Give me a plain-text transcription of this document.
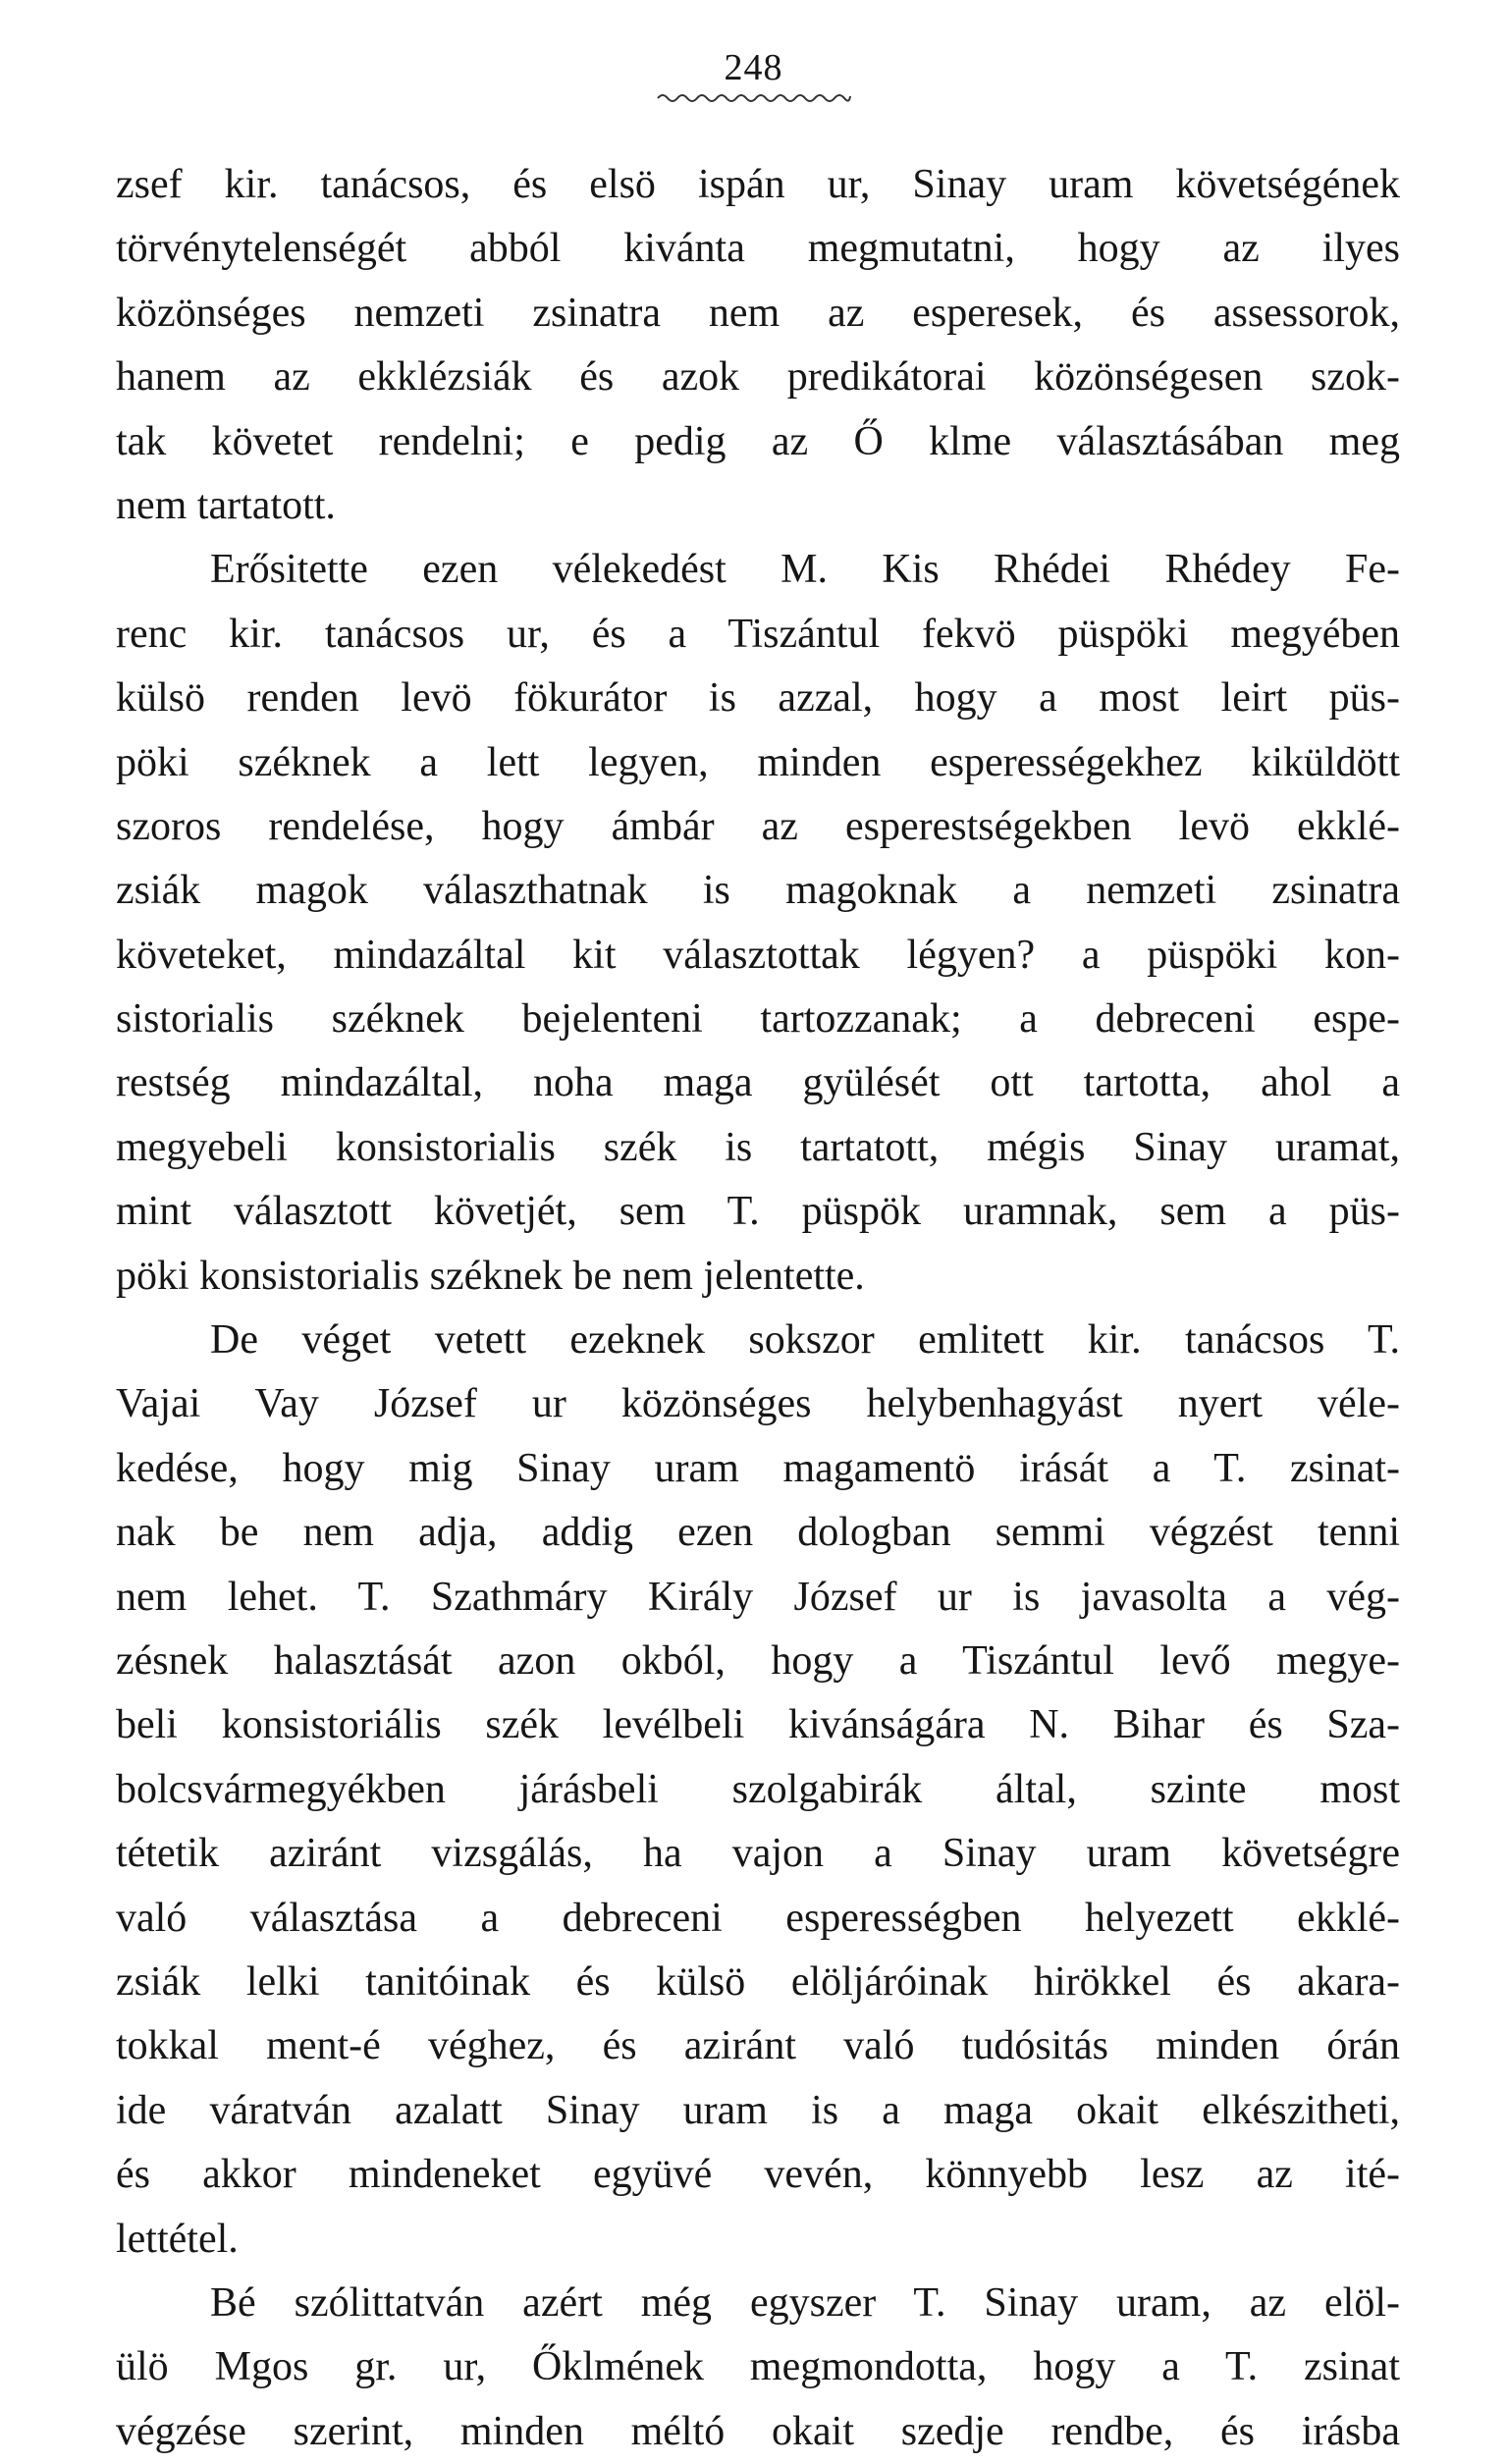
248
zsef kir. tanácsos, és elsö ispán ur, Sinay uram követségének
törvénytelenségét abból kivánta megmutatni, hogy az ilyes
közönséges nemzeti zsinatra nem az esperesek, és assessorok,
hanem az ekklézsiák és azok predikátorai közönségesen szok-
tak követet rendelni; e pedig az Ő klme választásában meg
nem tartatott.
Erősitette ezen vélekedést M. Kis Rhédei Rhédey Fe-
renc kir. tanácsos ur, és a Tiszántul fekvö püspöki megyében
külsö renden levö fökurátor is azzal, hogy a most leirt püs-
pöki széknek a lett legyen, minden esperességekhez kiküldött
szoros rendelése, hogy ámbár az esperestségekben levö ekklé-
zsiák magok választhatnak is magoknak a nemzeti zsinatra
követeket, mindazáltal kit választottak légyen? a püspöki kon-
sistorialis széknek bejelenteni tartozzanak; a debreceni espe-
restség mindazáltal, noha maga gyülését ott tartotta, ahol a
megyebeli konsistorialis szék is tartatott, mégis Sinay uramat,
mint választott követjét, sem T. püspök uramnak, sem a püs-
pöki konsistorialis széknek be nem jelentette.
De véget vetett ezeknek sokszor emlitett kir. tanácsos T.
Vajai Vay József ur közönséges helybenhagyást nyert véle-
kedése, hogy mig Sinay uram magamentö irását a T. zsinat-
nak be nem adja, addig ezen dologban semmi végzést tenni
nem lehet. T. Szathmáry Király József ur is javasolta a vég-
zésnek halasztását azon okból, hogy a Tiszántul levő megye-
beli konsistoriális szék levélbeli kivánságára N. Bihar és Sza-
bolcsvármegyékben járásbeli szolgabirák által, szinte most
tétetik aziránt vizsgálás, ha vajon a Sinay uram követségre
való választása a debreceni esperességben helyezett ekklé-
zsiák lelki tanitóinak és külsö elöljáróinak hirökkel és akara-
tokkal ment-é véghez, és aziránt való tudósitás minden órán
ide váratván azalatt Sinay uram is a maga okait elkészitheti,
és akkor mindeneket együvé vevén, könnyebb lesz az ité-
lettétel.
Bé szólittatván azért még egyszer T. Sinay uram, az elöl-
ülö Mgos gr. ur, Őklmének megmondotta, hogy a T. zsinat
végzése szerint, minden méltó okait szedje rendbe, és irásba
